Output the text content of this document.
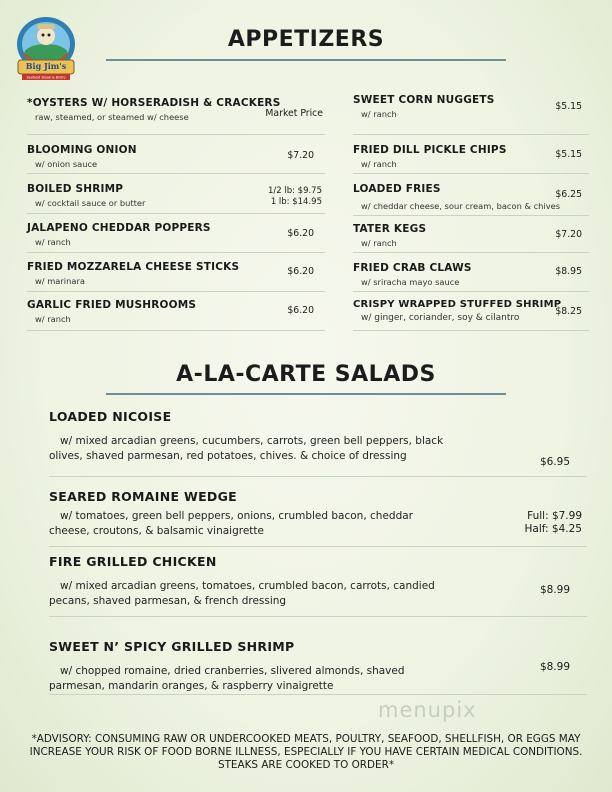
Big Jim's
Seafood Steak & Bistro
APPETIZERS
*OYSTERS W/ HORSERADISH & CRACKERS
raw, steamed, or steamed w/ cheese	Market Price
BLOOMING ONION
w/ onion sauce
$7.20
BOILED SHRIMP
w/ cocktail sauce or butter
1/2 lb: $9.75
1 lb: $14.95
JALAPENO CHEDDAR POPPERS
w/ ranch
$6.20
FRIED MOZZARELA CHEESE STICKS
w/ marinara
$6.20
GARLIC FRIED MUSHROOMS
w/ ranch
$6.20
SWEET CORN NUGGETS
w/ ranch
$5.15
FRIED DILL PICKLE CHIPS
w/ ranch
$5.15
LOADED FRIES
w/ cheddar cheese, sour cream, bacon & chives
$6.25
TATER KEGS
w/ ranch
$7.20
FRIED CRAB CLAWS
w/ sriracha mayo sauce
$8.95
CRISPY WRAPPED STUFFED SHRIMP
w/ ginger, coriander, soy & cilantro
$8.25
A-LA-CARTE SALADS
LOADED NICOISE
w/ mixed arcadian greens, cucumbers, carrots, green bell peppers, black olives, shaved parmesan, red potatoes, chives. & choice of dressing	$6.95
SEARED ROMAINE WEDGE
w/ tomatoes, green bell peppers, onions, crumbled bacon, cheddar cheese, croutons, & balsamic vinaigrette
Full: $7.99
Half: $4.25
FIRE GRILLED CHICKEN
w/ mixed arcadian greens, tomatoes, crumbled bacon, carrots, candied pecans, shaved parmesan, & french dressing
$8.99
SWEET N’ SPICY GRILLED SHRIMP
w/ chopped romaine, dried cranberries, slivered almonds, shaved parmesan, mandarin oranges, & raspberry vinaigrette
$8.99
menupix
*ADVISORY: CONSUMING RAW OR UNDERCOOKED MEATS, POULTRY, SEAFOOD, SHELLFISH, OR EGGS MAY INCREASE YOUR RISK OF FOOD BORNE ILLNESS, ESPECIALLY IF YOU HAVE CERTAIN MEDICAL CONDITIONS. STEAKS ARE COOKED TO ORDER*
